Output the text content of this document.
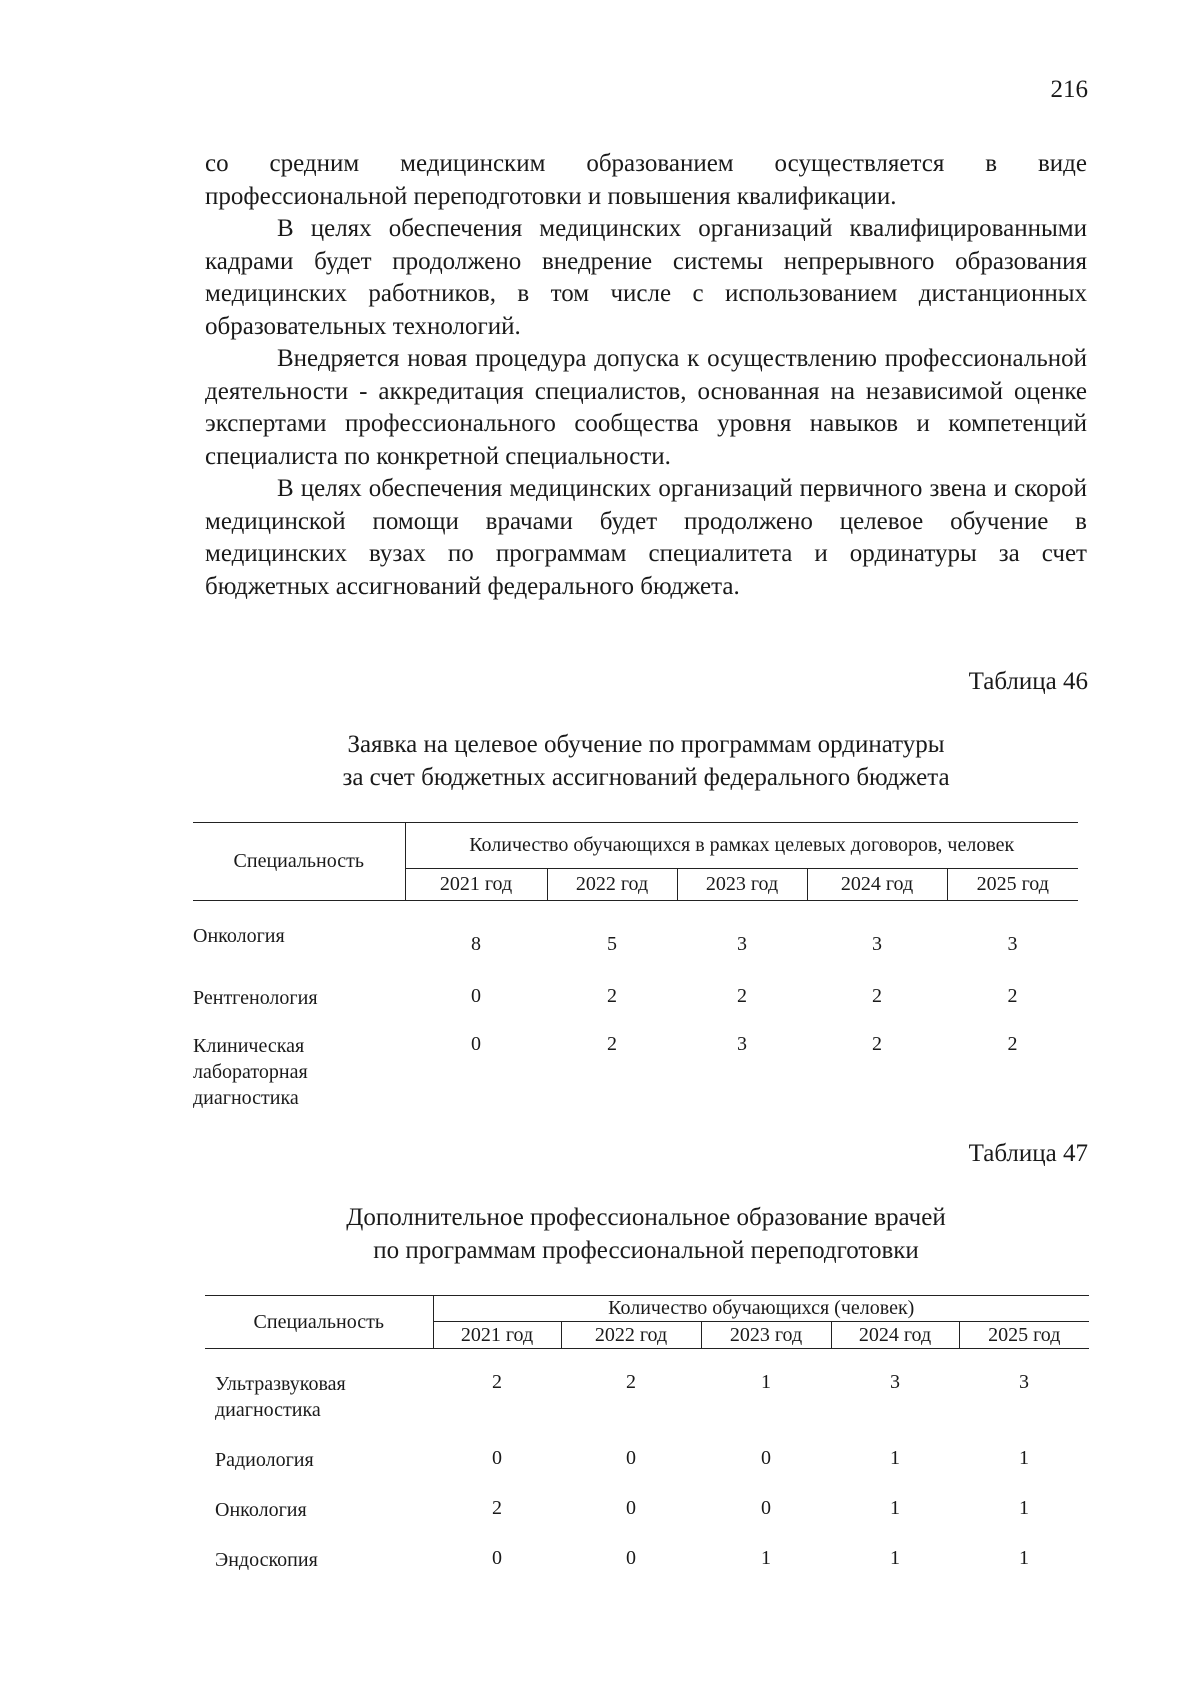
216

со средним медицинским образованием осуществляется в виде профессиональной переподготовки и повышения квалификации.

В целях обеспечения медицинских организаций квалифицированными кадрами будет продолжено внедрение системы непрерывного образования медицинских работников, в том числе с использованием дистанционных образовательных технологий.

Внедряется новая процедура допуска к осуществлению профессиональной деятельности - аккредитация специалистов, основанная на независимой оценке экспертами профессионального сообщества уровня навыков и компетенций специалиста по конкретной специальности.

В целях обеспечения медицинских организаций первичного звена и скорой медицинской помощи врачами будет продолжено целевое обучение в медицинских вузах по программам специалитета и ординатуры за счет бюджетных ассигнований федерального бюджета.

Таблица 46
Заявка на целевое обучение по программам ординатуры
за счет бюджетных ассигнований федерального бюджета
Специальность	Количество обучающихся в рамках целевых договоров, человек				
	2021 год	2022 год	2023 год	2024 год	2025 год
Онкология	8	5	3	3	3
Рентгенология	0	2	2	2	2
Клиническая лабораторная диагностика	0	2	3	2	2
Таблица 47
Дополнительное профессиональное образование врачей
по программам профессиональной переподготовки
Специальность	Количество обучающихся (человек)				
	2021 год	2022 год	2023 год	2024 год	2025 год
Ультразвуковая диагностика	2	2	1	3	3
Радиология	0	0	0	1	1
Онкология	2	0	0	1	1
Эндоскопия	0	0	1	1	1
